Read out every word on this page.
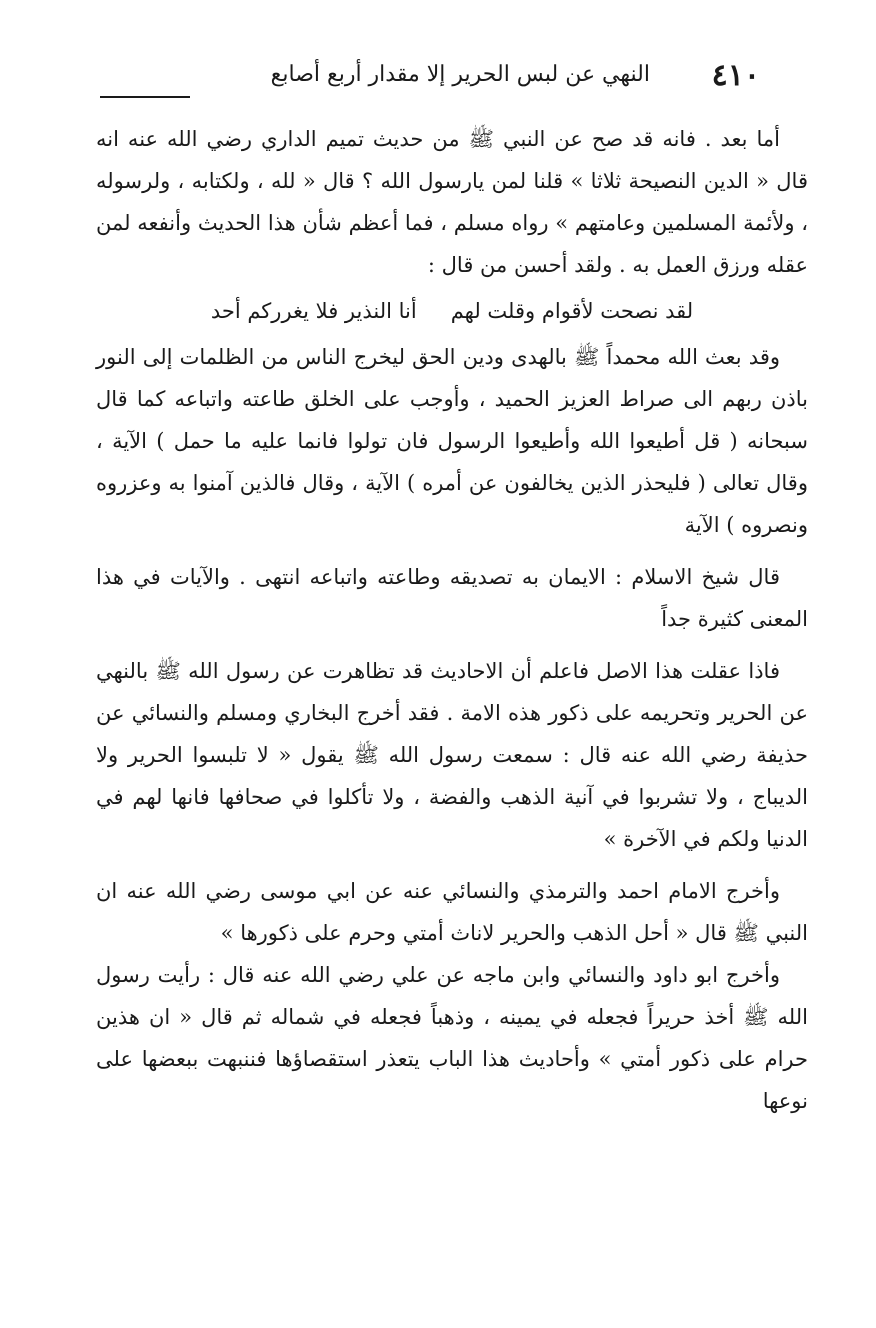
٤١٠
النهي عن لبس الحرير إلا مقدار أربع أصابع

أما بعد . فانه قد صح عن النبي ﷺ من حديث تميم الداري رضي الله عنه انه قال « الدين النصيحة ثلاثا » قلنا لمن يارسول الله ؟ قال « لله ، ولكتابه ، ولرسوله ، ولأئمة المسلمين وعامتهم » رواه مسلم ، فما أعظم شأن هذا الحديث وأنفعه لمن عقله ورزق العمل به . ولقد أحسن من قال :

لقد نصحت لأقوام وقلت لهم
أنا النذير فلا يغرركم أحد

وقد بعث الله محمداً ﷺ بالهدى ودين الحق ليخرج الناس من الظلمات إلى النور باذن ربهم الى صراط العزيز الحميد ، وأوجب على الخلق طاعته واتباعه كما قال سبحانه ( قل أطيعوا الله وأطيعوا الرسول فان تولوا فانما عليه ما حمل ) الآية ، وقال تعالى ( فليحذر الذين يخالفون عن أمره ) الآية ، وقال فالذين آمنوا به وعزروه ونصروه ) الآية

قال شيخ الاسلام : الايمان به تصديقه وطاعته واتباعه انتهى . والآيات في هذا المعنى كثيرة جداً

فاذا عقلت هذا الاصل فاعلم أن الاحاديث قد تظاهرت عن رسول الله ﷺ بالنهي عن الحرير وتحريمه على ذكور هذه الامة . فقد أخرج البخاري ومسلم والنسائي عن حذيفة رضي الله عنه قال : سمعت رسول الله ﷺ يقول « لا تلبسوا الحرير ولا الديباج ، ولا تشربوا في آنية الذهب والفضة ، ولا تأكلوا في صحافها فانها لهم في الدنيا ولكم في الآخرة »

وأخرج الامام احمد والترمذي والنسائي عنه عن ابي موسى رضي الله عنه ان النبي ﷺ قال « أحل الذهب والحرير لاناث أمتي وحرم على ذكورها »

وأخرج ابو داود والنسائي وابن ماجه عن علي رضي الله عنه قال : رأيت رسول الله ﷺ أخذ حريراً فجعله في يمينه ، وذهباً فجعله في شماله ثم قال « ان هذين حرام على ذكور أمتي » وأحاديث هذا الباب يتعذر استقصاؤها فننبهت ببعضها على نوعها
